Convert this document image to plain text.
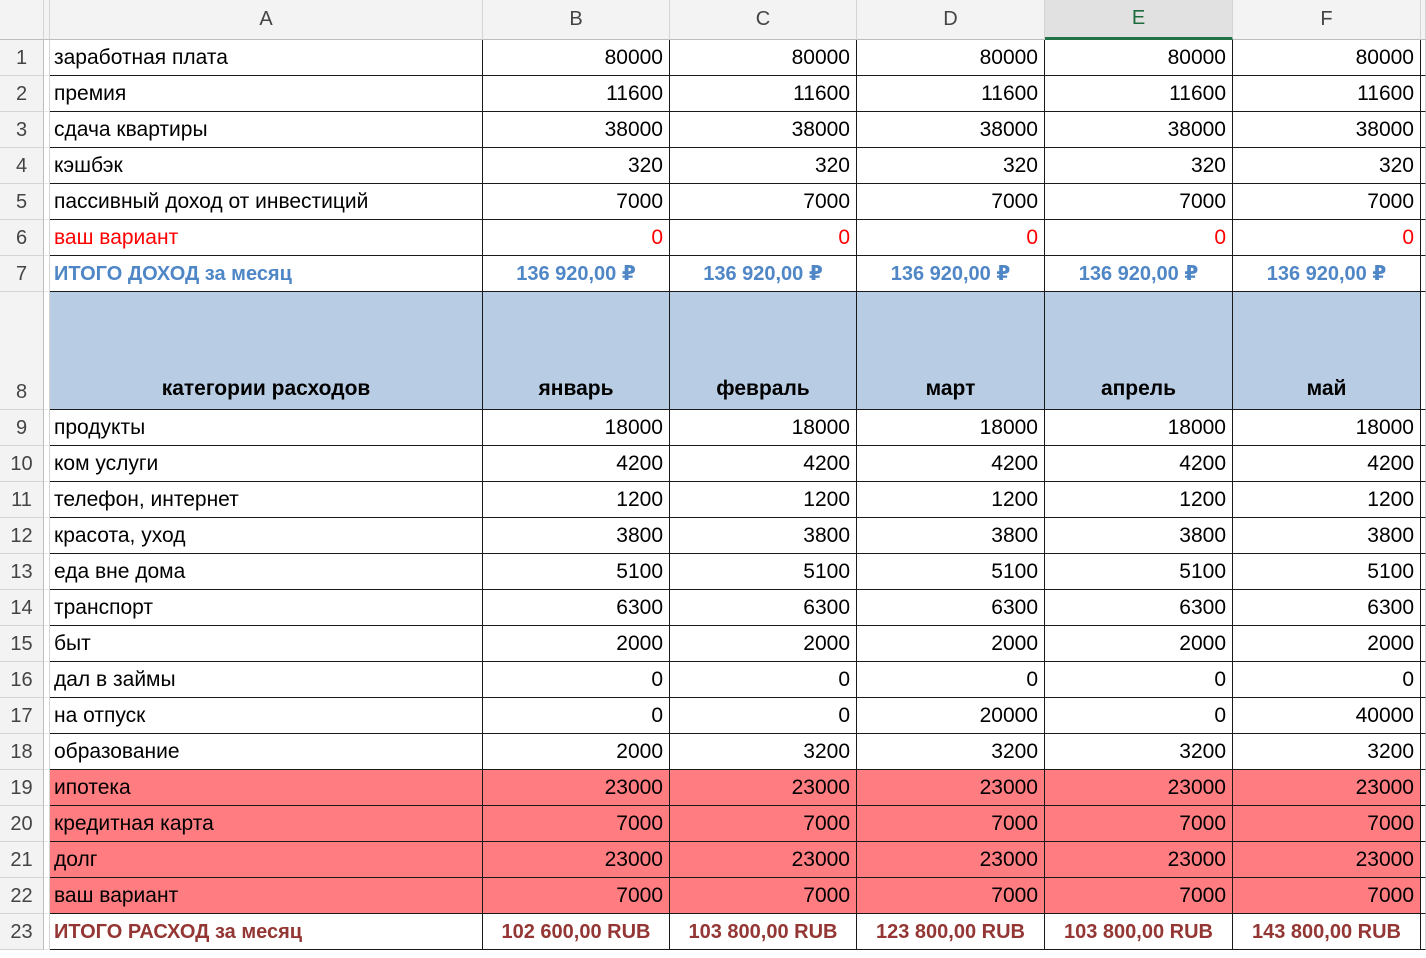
A	B	C	D	E	F
1	заработная плата	80000	80000	80000	80000	80000
2	премия	11600	11600	11600	11600	11600
3	сдача квартиры	38000	38000	38000	38000	38000
4	кэшбэк	320	320	320	320	320
5	пассивный доход от инвестиций	7000	7000	7000	7000	7000
6	ваш вариант	0	0	0	0	0
7	ИТОГО ДОХОД за месяц	136 920,00 ₽	136 920,00 ₽	136 920,00 ₽	136 920,00 ₽	136 920,00 ₽
8	категории расходов	январь	февраль	март	апрель	май
9	продукты	18000	18000	18000	18000	18000
10	ком услуги	4200	4200	4200	4200	4200
11	телефон, интернет	1200	1200	1200	1200	1200
12	красота, уход	3800	3800	3800	3800	3800
13	еда вне дома	5100	5100	5100	5100	5100
14	транспорт	6300	6300	6300	6300	6300
15	быт	2000	2000	2000	2000	2000
16	дал в займы	0	0	0	0	0
17	на отпуск	0	0	20000	0	40000
18	образование	2000	3200	3200	3200	3200
19	ипотека	23000	23000	23000	23000	23000
20	кредитная карта	7000	7000	7000	7000	7000
21	долг	23000	23000	23000	23000	23000
22	ваш вариант	7000	7000	7000	7000	7000
23	ИТОГО РАСХОД за месяц	102 600,00 RUB	103 800,00 RUB	123 800,00 RUB	103 800,00 RUB	143 800,00 RUB
